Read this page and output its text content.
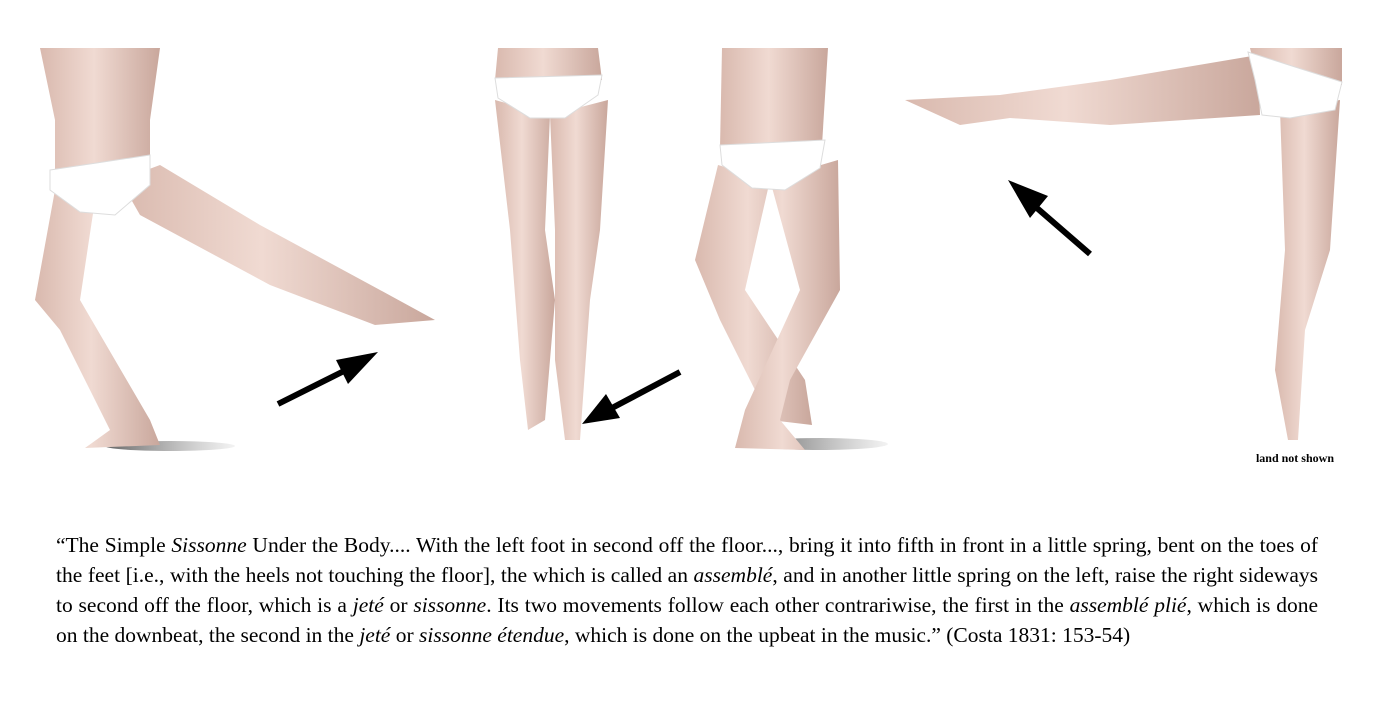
land not shown

“The Simple Sissonne Under the Body.... With the left foot in second off the floor..., bring it into fifth in front in a little spring, bent on the toes of the feet [i.e., with the heels not touching the floor], the which is called an assemblé, and in another little spring on the left, raise the right sideways to second off the floor, which is a jeté or sissonne. Its two movements follow each other contrariwise, the first in the assemblé plié, which is done on the downbeat, the second in the jeté or sissonne étendue, which is done on the upbeat in the music.” (Costa 1831: 153-54)
